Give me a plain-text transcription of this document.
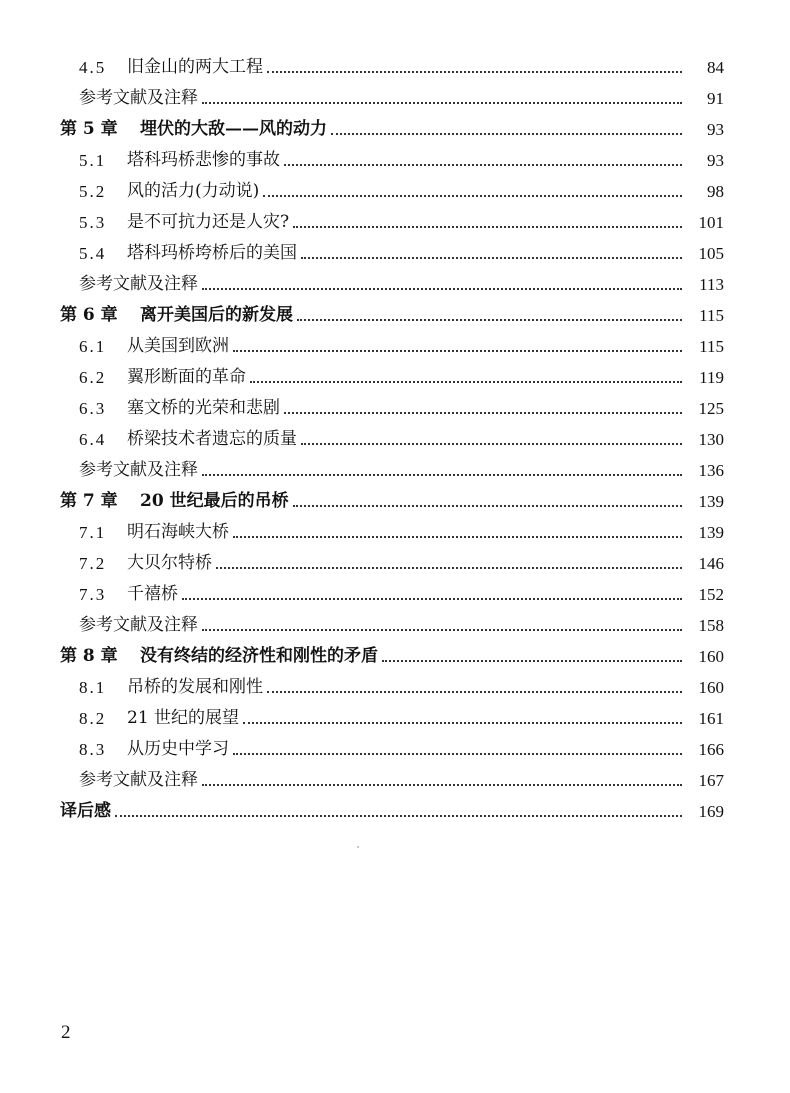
4.5	旧金山的两大工程	84
参考文献及注释	91
第 5 章	埋伏的大敌——风的动力	93
5.1	塔科玛桥悲惨的事故	93
5.2	风的活力(力动说)	98
5.3	是不可抗力还是人灾?	101
5.4	塔科玛桥垮桥后的美国	105
参考文献及注释	113
第 6 章	离开美国后的新发展	115
6.1	从美国到欧洲	115
6.2	翼形断面的革命	119
6.3	塞文桥的光荣和悲剧	125
6.4	桥梁技术者遗忘的质量	130
参考文献及注释	136
第 7 章	20 世纪最后的吊桥	139
7.1	明石海峡大桥	139
7.2	大贝尔特桥	146
7.3	千禧桥	152
参考文献及注释	158
第 8 章	没有终结的经济性和刚性的矛盾	160
8.1	吊桥的发展和刚性	160
8.2	21 世纪的展望	161
8.3	从历史中学习	166
参考文献及注释	167
译后感	169
2
